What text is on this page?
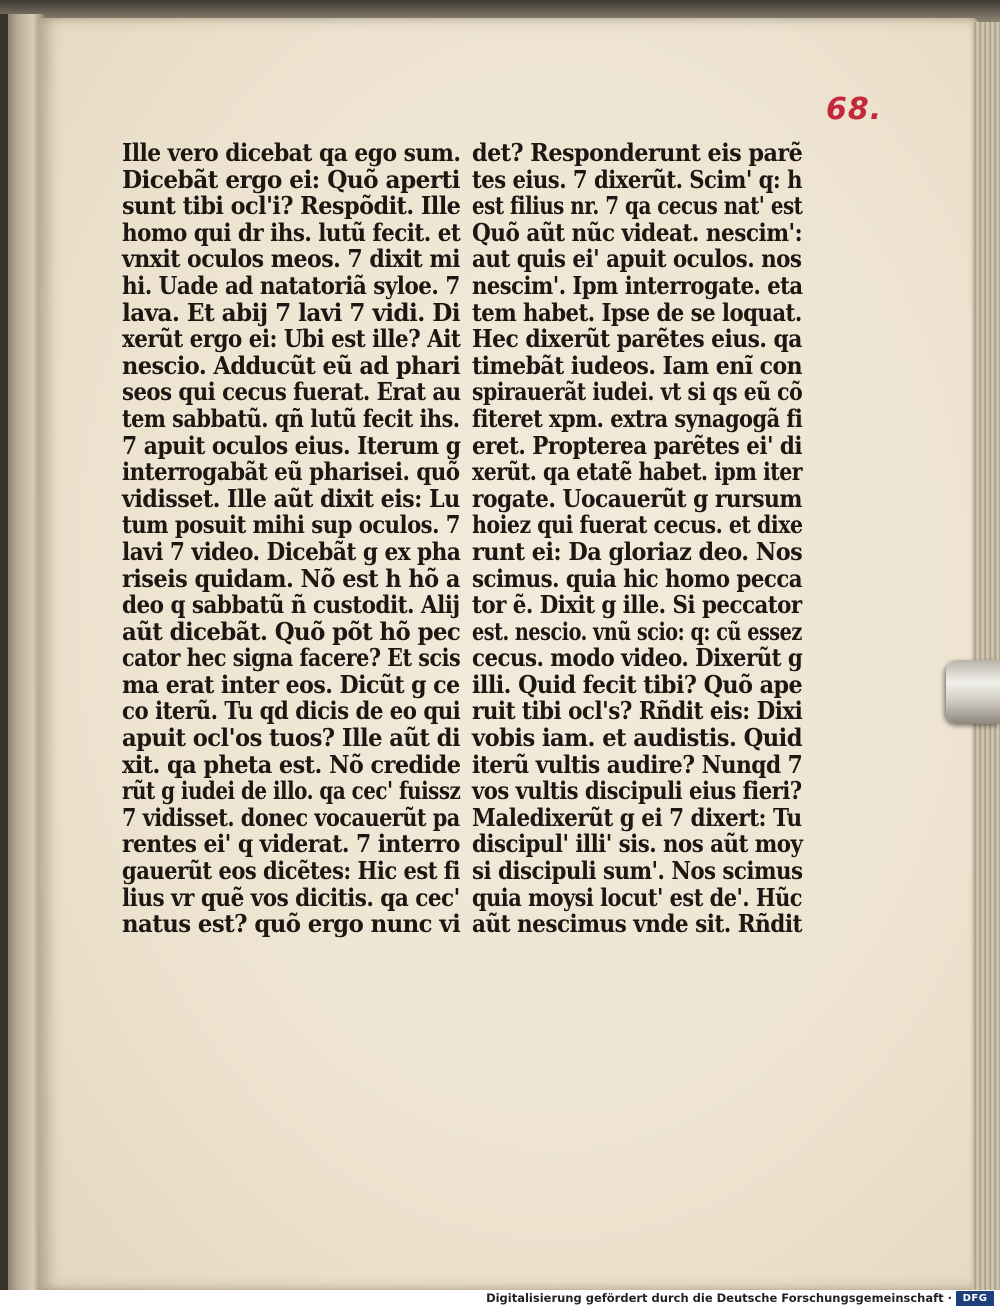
68.
Ille vero dicebat qa ego sum.
Dicebãt ergo ei: Quõ aperti
sunt tibi ocl'i? Respõdit. Ille
homo qui dr ihs. lutũ fecit. et
vnxit oculos meos. 7 dixit mi
hi. Uade ad natatoriã syloe. 7
lava. Et abij 7 lavi 7 vidi. Di
xerũt ergo ei: Ubi est ille? Ait
nescio. Adducũt eũ ad phari
seos qui cecus fuerat. Erat au
tem sabbatũ. qñ lutũ fecit ihs.
7 apuit oculos eius. Iterum g
interrogabãt eũ pharisei. quõ
vidisset. Ille aũt dixit eis: Lu
tum posuit mihi sup oculos. 7
lavi 7 video. Dicebãt g ex pha
riseis quidam. Nõ est h hõ a
deo q sabbatũ ñ custodit. Alij
aũt dicebãt. Quõ põt hõ pec
cator hec signa facere? Et scis
ma erat inter eos. Dicũt g ce
co iterũ. Tu qd dicis de eo qui
apuit ocl'os tuos? Ille aũt di
xit. qa pheta est. Nõ credide
rũt g iudei de illo. qa cec' fuissz
7 vidisset. donec vocauerũt pa
rentes ei' q viderat. 7 interro
gauerũt eos dicẽtes: Hic est fi
lius vr quẽ vos dicitis. qa cec'
natus est? quõ ergo nunc vi
det? Responderunt eis parẽ
tes eius. 7 dixerũt. Scim' q: h
est filius nr. 7 qa cecus nat' est
Quõ aũt nũc videat. nescim':
aut quis ei' apuit oculos. nos
nescim'. Ipm interrogate. eta
tem habet. Ipse de se loquat.
Hec dixerũt parẽtes eius. qa
timebãt iudeos. Iam enĩ con
spirauerãt iudei. vt si qs eũ cõ
fiteret xpm. extra synagogã fi
eret. Propterea parẽtes ei' di
xerũt. qa etatẽ habet. ipm iter
rogate. Uocauerũt g rursum
hoiez qui fuerat cecus. et dixe
runt ei: Da gloriaz deo. Nos
scimus. quia hic homo pecca
tor ẽ. Dixit g ille. Si peccator
est. nescio. vnũ scio: q: cũ essez
cecus. modo video. Dixerũt g
illi. Quid fecit tibi? Quõ ape
ruit tibi ocl's? Rñdit eis: Dixi
vobis iam. et audistis. Quid
iterũ vultis audire? Nunqd 7
vos vultis discipuli eius fieri?
Maledixerũt g ei 7 dixert: Tu
discipul' illi' sis. nos aũt moy
si discipuli sum'. Nos scimus
quia moysi locut' est de'. Hũc
aũt nescimus vnde sit. Rñdit
Digitalisierung gefördert durch die Deutsche Forschungsgemeinschaft ·	DFG
